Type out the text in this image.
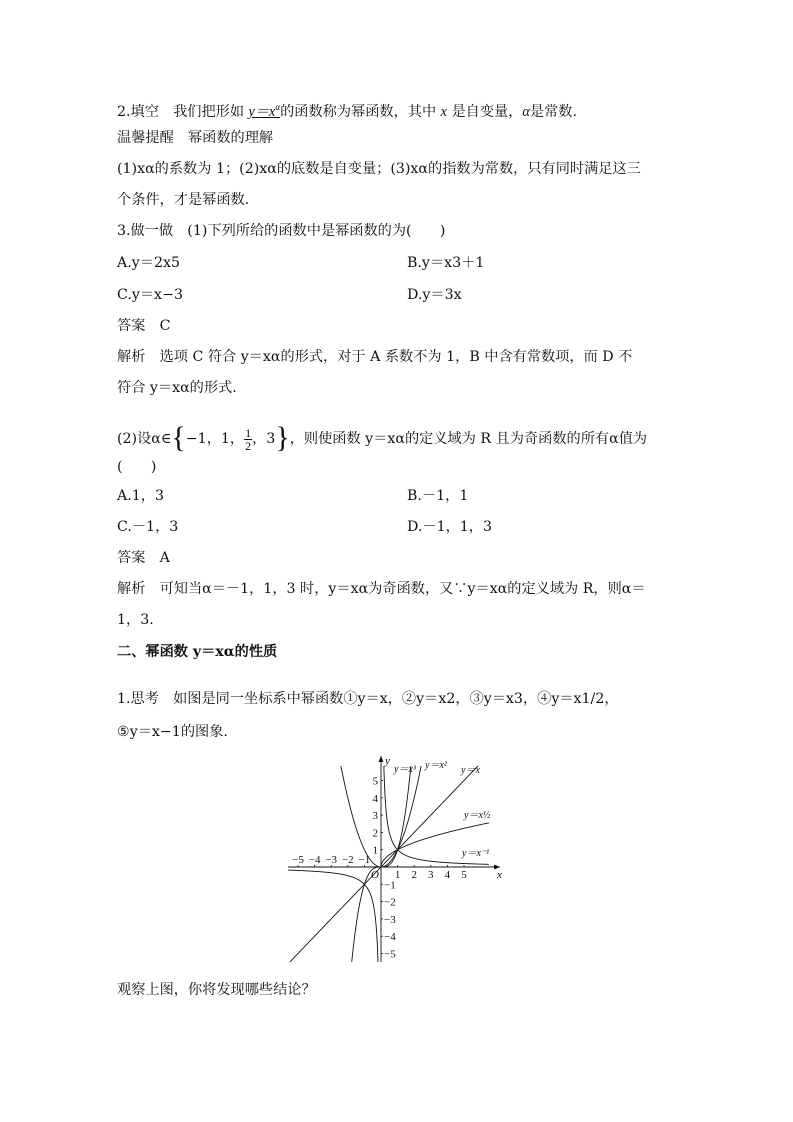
2.填空　我们把形如 $y=x^\alpha$的函数称为幂函数，其中 x 是自变量，α是常数.
温馨提醒　幂函数的理解
(1)xα的系数为 1；(2)xα的底数是自变量；(3)xα的指数为常数，只有同时满足这三
个条件，才是幂函数.
3.做一做　(1)下列所给的函数中是幂函数的为(　　)
A.y＝2x5	B.y＝x3＋1
C.y＝x−3	D.y＝3x
答案　C
解析　选项 C 符合 y＝xα的形式，对于 A 系数不为 1，B 中含有常数项，而 D 不
符合 y＝xα的形式.
(2)设α∈{−1，1， $\frac{1}{2}$ ，3}，则使函数 y＝xα的定义域为 R 且为奇函数的所有α值为
(　　)
A.1，3	B.－1，1
C.－1，3	D.－1，1，3
答案　A
解析　可知当α＝－1，1，3 时，y＝xα为奇函数，又∵y＝xα的定义域为 R，则α＝
1，3.
二、幂函数 y＝xα的性质
1.思考　如图是同一坐标系中幂函数①y＝x，②y＝x2，③y＝x3，④y＝x1/2，
⑤y＝x−1的图象.
−5 −4 −3 −2 −1
1 2 3 4 5
−5
−4
−3
−2
−1
1
2
3
4
5
O	x
y
y＝x
y＝x²
y＝x³
y＝x½
y＝x⁻¹
观察上图，你将发现哪些结论？
